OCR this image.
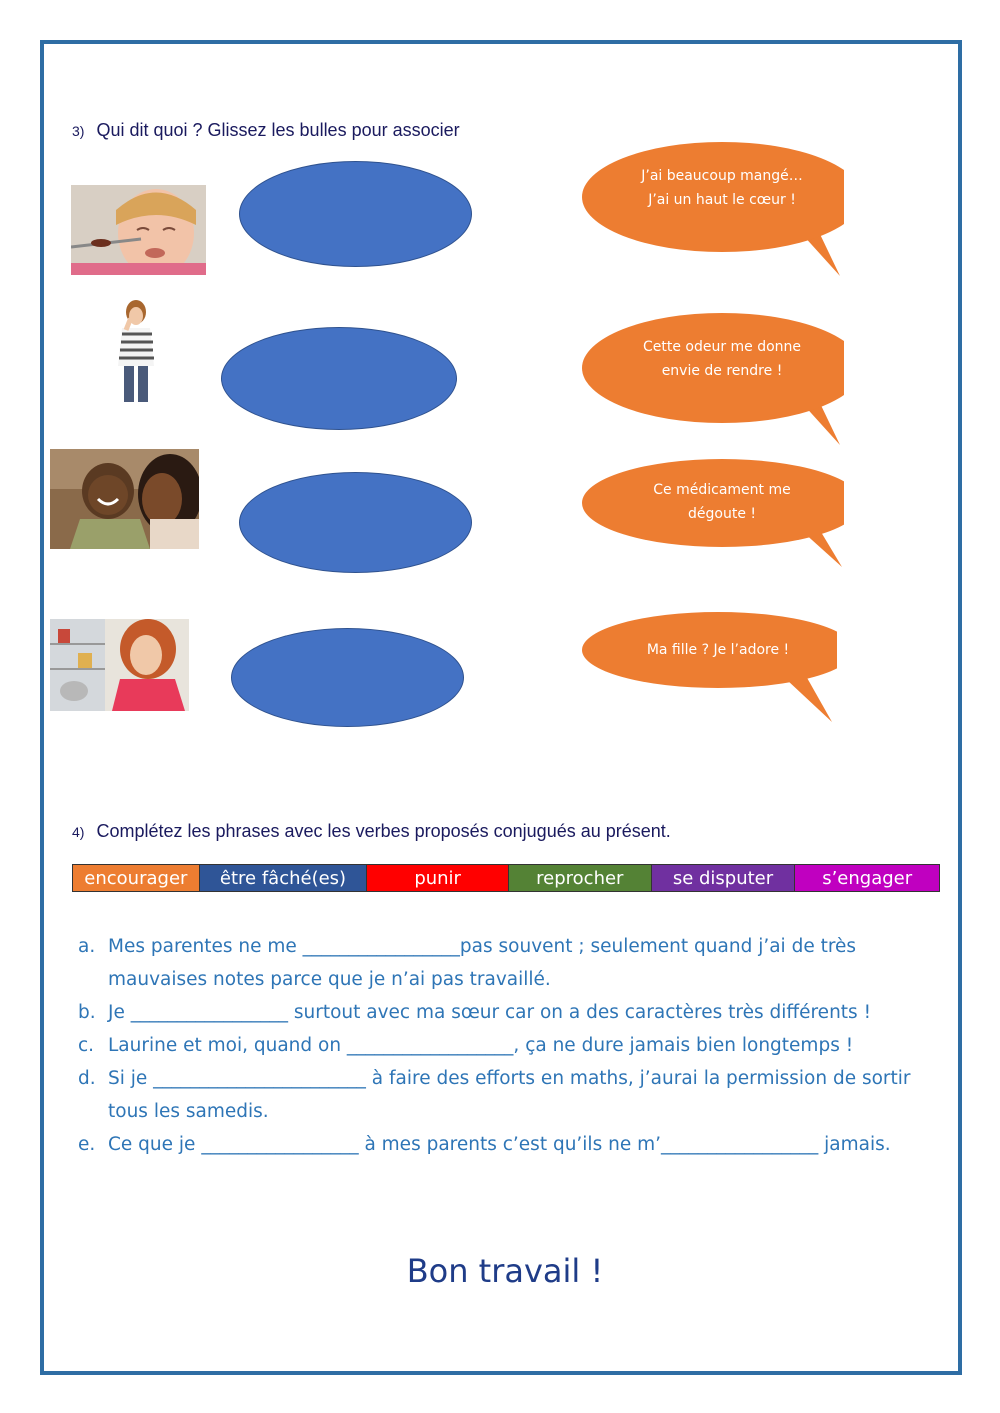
3) Qui dit quoi ? Glissez les bulles pour associer
J’ai beaucoup mangé…
J’ai un haut le cœur !
Cette odeur me donne
envie de rendre !
Ce médicament me
dégoute !
Ma fille ? Je l’adore !
4) Complétez les phrases avec les verbes proposés conjugués au présent.
encourager	être fâché(es)	punir	reprocher	se disputer	s’engager
a. Mes parentes ne me _________________pas souvent ; seulement quand j’ai de très mauvaises notes parce que je n’ai pas travaillé.
b. Je _________________ surtout avec ma sœur car on a des caractères très différents !
c. Laurine et moi, quand on __________________, ça ne dure jamais bien longtemps !
d. Si je _______________________ à faire des efforts en maths, j’aurai la permission de sortir tous les samedis.
e. Ce que je _________________ à mes parents c’est qu’ils ne m’_________________ jamais.
Bon travail !
